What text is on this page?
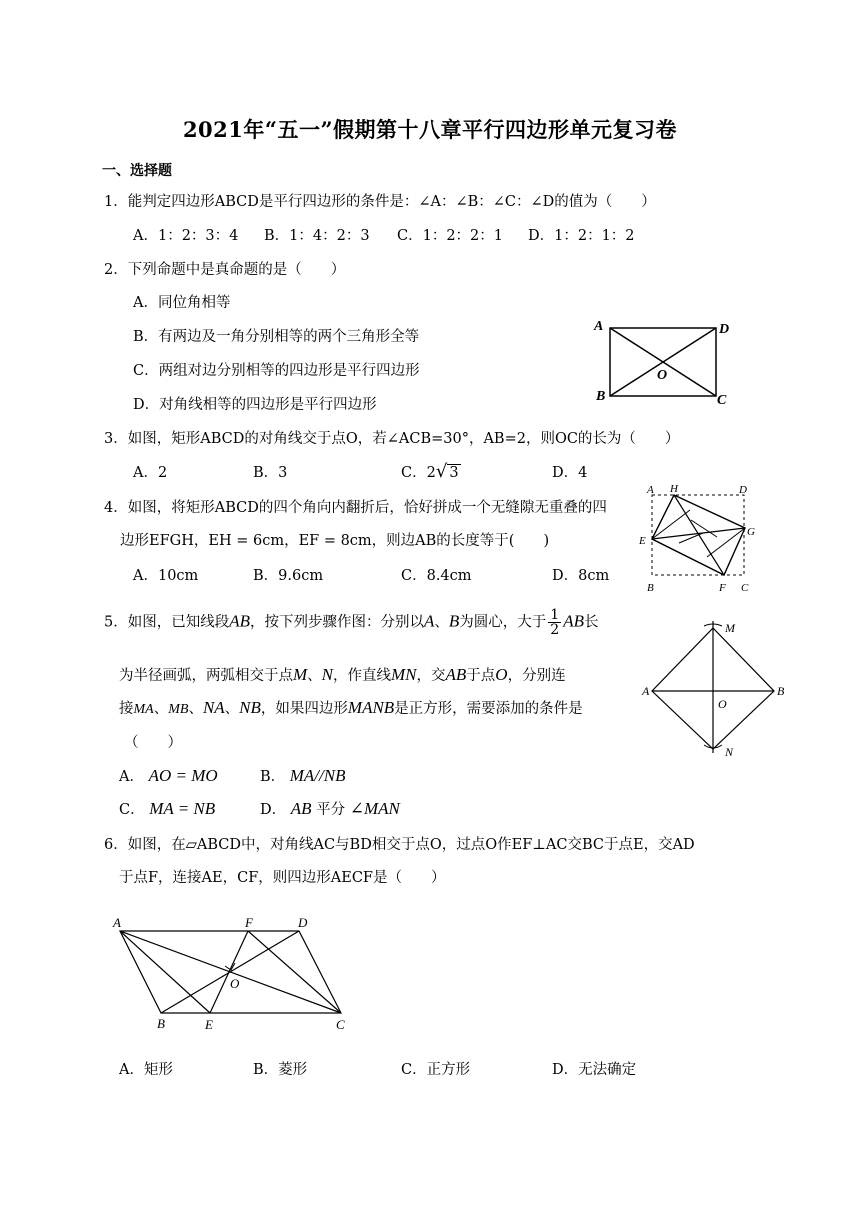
2021年“五一”假期第十八章平行四边形单元复习卷
一、选择题
1．能判定四边形ABCD是平行四边形的条件是：∠A：∠B：∠C：∠D的值为（　　）
A．1：2：3：4 B．1：4：2：3 C．1：2：2：1 D．1：2：1：2
2．下列命题中是真命题的是（　　）
A．同位角相等
B．有两边及一角分别相等的两个三角形全等
C．两组对边分别相等的四边形是平行四边形
D．对角线相等的四边形是平行四边形
A	D
B	C
O
3．如图，矩形ABCD的对角线交于点O，若∠ACB=30°，AB=2，则OC的长为（　　）
A．2	B．3	C．2√ 3	D．4
A H	D
E
G
B	F C
4．如图，将矩形ABCD的四个角向内翻折后，恰好拼成一个无缝隙无重叠的四
边形EFGH，EH = 6cm，EF = 8cm，则边AB的长度等于(　　)
A．10cm	B．9.6cm	C．8.4cm	D．8cm
M
A
O
B
N
5．如图，已知线段AB，按下列步骤作图：分别以A、B为圆心，大于 $\frac{1}{2}$ AB长
为半径画弧，两弧相交于点M、N，作直线MN，交AB于点O，分别连
接MA、MB、NA、NB，如果四边形MANB是正方形，需要添加的条件是
（　　）
A． AO = MO	B． MA//NB
C． MA = NB	D． AB 平分 ∠MAN
6．如图，在▱ABCD中，对角线AC与BD相交于点O，过点O作EF⊥AC交BC于点E，交AD
于点F，连接AE，CF，则四边形AECF是（　　）
A	F	D
O
B	E	C
A．矩形	B．菱形	C．正方形	D．无法确定
